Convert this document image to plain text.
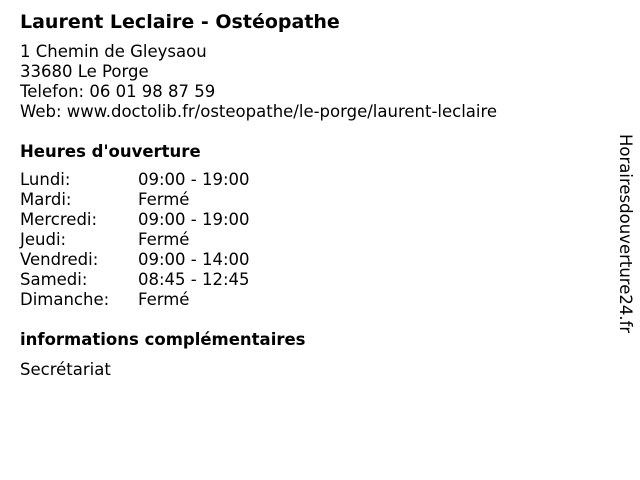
Laurent Leclaire - Ostéopathe
1 Chemin de Gleysaou
33680 Le Porge
Telefon: 06 01 98 87 59
Web: www.doctolib.fr/osteopathe/le-porge/laurent-leclaire
Heures d'ouverture
Lundi:	09:00 - 19:00
Mardi:	Fermé
Mercredi:	09:00 - 19:00
Jeudi:	Fermé
Vendredi:	09:00 - 14:00
Samedi:	08:45 - 12:45
Dimanche:	Fermé
informations complémentaires
Secrétariat
Horairesdouverture24.fr
